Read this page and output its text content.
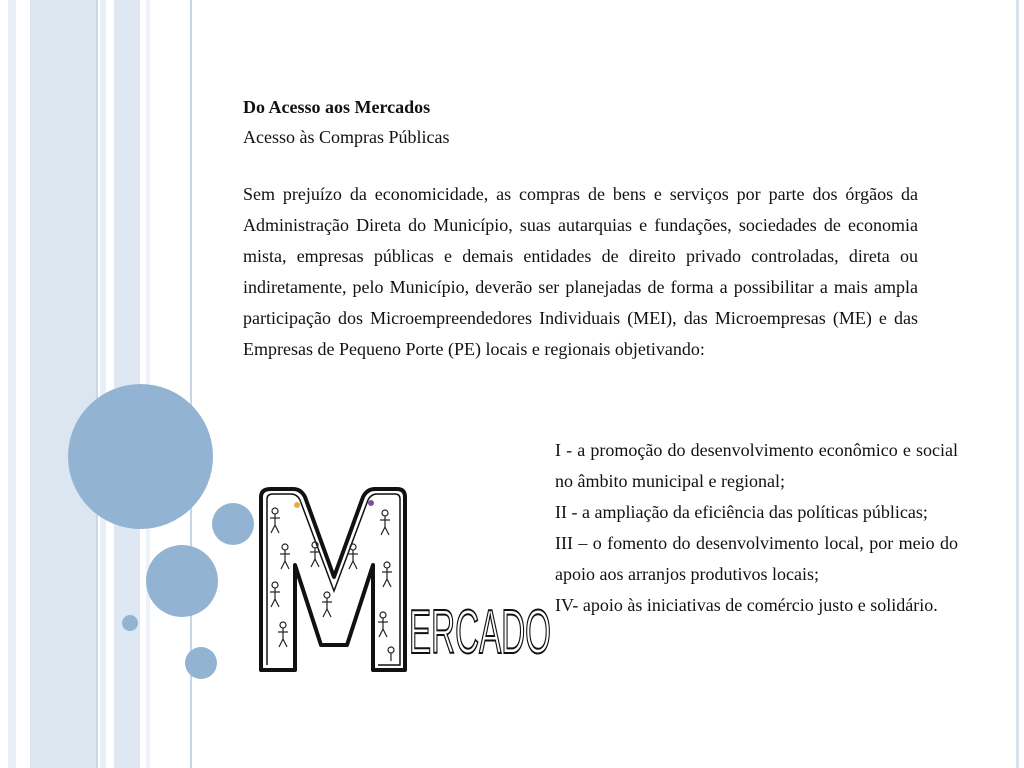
Do Acesso aos Mercados

Acesso às Compras Públicas

Sem prejuízo da economicidade, as compras de bens e serviços por parte dos órgãos da Administração Direta do Município, suas autarquias e fundações, sociedades de economia mista, empresas públicas e demais entidades de direito privado controladas, direta ou indiretamente, pelo Município, deverão ser planejadas de forma a possibilitar a mais ampla participação dos Microempreendedores Individuais (MEI), das Microempresas (ME) e das Empresas de Pequeno Porte (PE) locais e regionais objetivando:

I - a promoção do desenvolvimento econômico e social no âmbito municipal e regional;

II - a ampliação da eficiência das políticas públicas;

III – o fomento do desenvolvimento local, por meio do apoio aos arranjos produtivos locais;

IV- apoio às iniciativas de comércio justo e solidário.

ERCADO
